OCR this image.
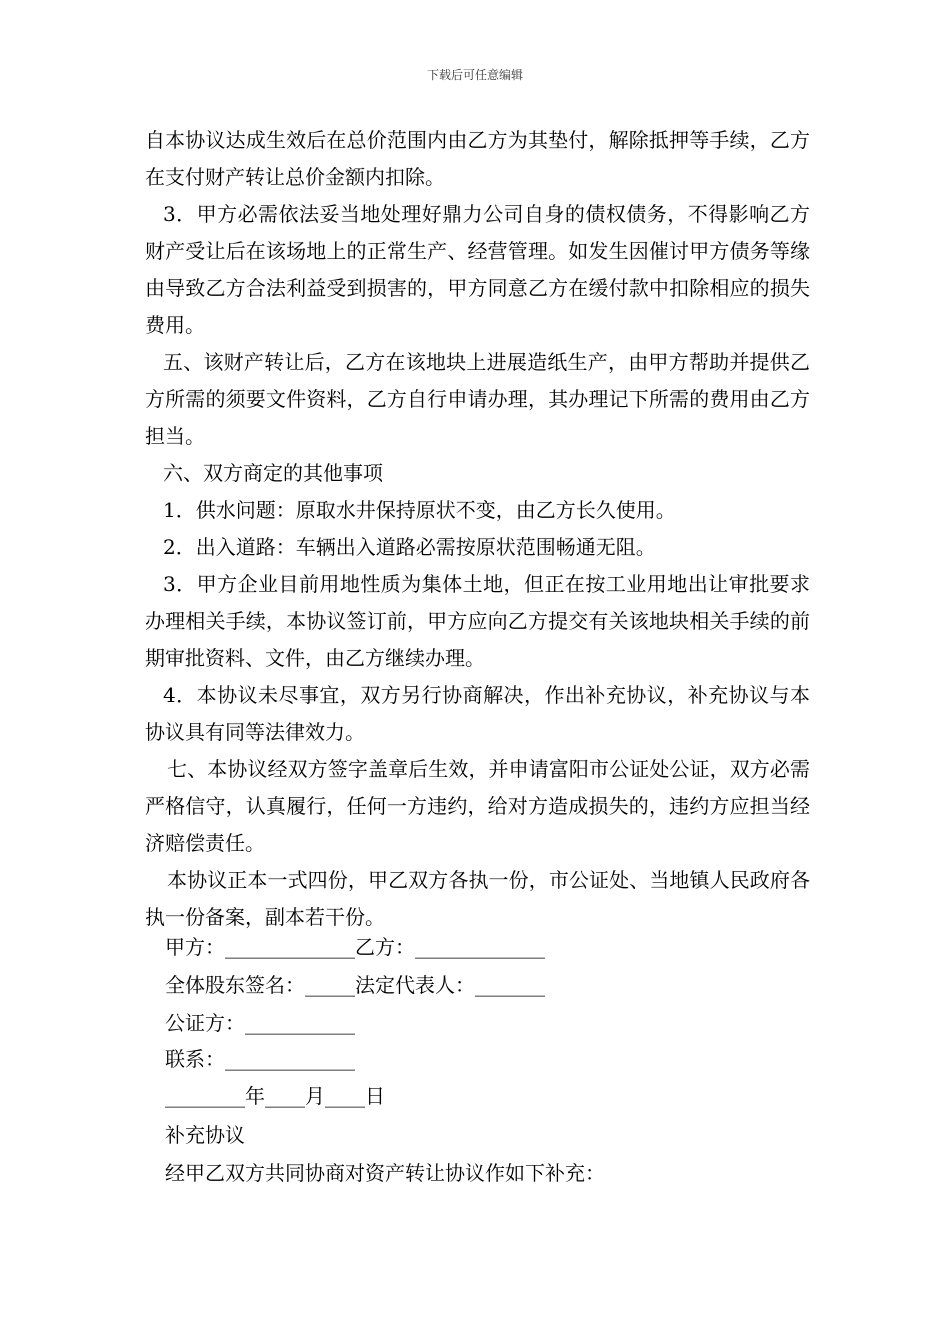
下载后可任意编辑

自本协议达成生效后在总价范围内由乙方为其垫付，解除抵押等手续，乙方在支付财产转让总价金额内扣除。

3．甲方必需依法妥当地处理好鼎力公司自身的债权债务，不得影响乙方财产受让后在该场地上的正常生产、经营管理。如发生因催讨甲方债务等缘由导致乙方合法利益受到损害的，甲方同意乙方在缓付款中扣除相应的损失费用。

五、该财产转让后，乙方在该地块上进展造纸生产，由甲方帮助并提供乙方所需的须要文件资料，乙方自行申请办理，其办理记下所需的费用由乙方担当。

六、双方商定的其他事项

1．供水问题：原取水井保持原状不变，由乙方长久使用。

2．出入道路：车辆出入道路必需按原状范围畅通无阻。

3．甲方企业目前用地性质为集体土地，但正在按工业用地出让审批要求办理相关手续，本协议签订前，甲方应向乙方提交有关该地块相关手续的前期审批资料、文件，由乙方继续办理。

4．本协议未尽事宜，双方另行协商解决，作出补充协议，补充协议与本协议具有同等法律效力。

七、本协议经双方签字盖章后生效，并申请富阳市公证处公证，双方必需严格信守，认真履行，任何一方违约，给对方造成损失的，违约方应担当经济赔偿责任。

本协议正本一式四份，甲乙双方各执一份，市公证处、当地镇人民政府各执一份备案，副本若干份。

甲方：_____________乙方：_____________
全体股东签名：_____法定代表人：_______
公证方：___________
联系：_____________
________年____月____日
补充协议
经甲乙双方共同协商对资产转让协议作如下补充：
